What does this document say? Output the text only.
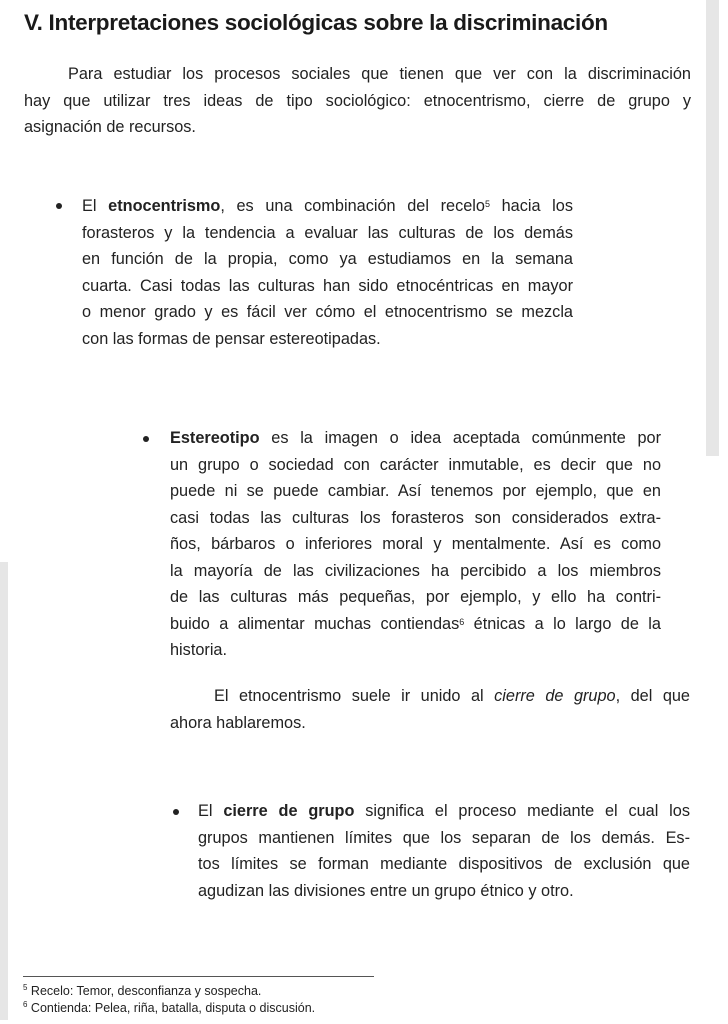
V. Interpretaciones sociológicas sobre la discriminación
Para estudiar los procesos sociales que tienen que ver con la discriminación
hay que utilizar tres ideas de tipo sociológico: etnocentrismo, cierre de grupo y
asignación de recursos.
El etnocentrismo, es una combinación del recelo$^5$ hacia los
forasteros y la tendencia a evaluar las culturas de los demás
en función de la propia, como ya estudiamos en la semana
cuarta. Casi todas las culturas han sido etnocéntricas en mayor
o menor grado y es fácil ver cómo el etnocentrismo se mezcla
con las formas de pensar estereotipadas.
Estereotipo es la imagen o idea aceptada comúnmente por
un grupo o sociedad con carácter inmutable, es decir que no
puede ni se puede cambiar. Así tenemos por ejemplo, que en
casi todas las culturas los forasteros son considerados extra-
ños, bárbaros o inferiores moral y mentalmente. Así es como
la mayoría de las civilizaciones ha percibido a los miembros
de las culturas más pequeñas, por ejemplo, y ello ha contri-
buido a alimentar muchas contiendas$^6$ étnicas a lo largo de la
historia.
El etnocentrismo suele ir unido al cierre de grupo, del que
ahora hablaremos.
El cierre de grupo significa el proceso mediante el cual los
grupos mantienen límites que los separan de los demás. Es-
tos límites se forman mediante dispositivos de exclusión que
agudizan las divisiones entre un grupo étnico y otro.
$^5$ Recelo: Temor, desconfianza y sospecha.
$^6$ Contienda: Pelea, riña, batalla, disputa o discusión.
